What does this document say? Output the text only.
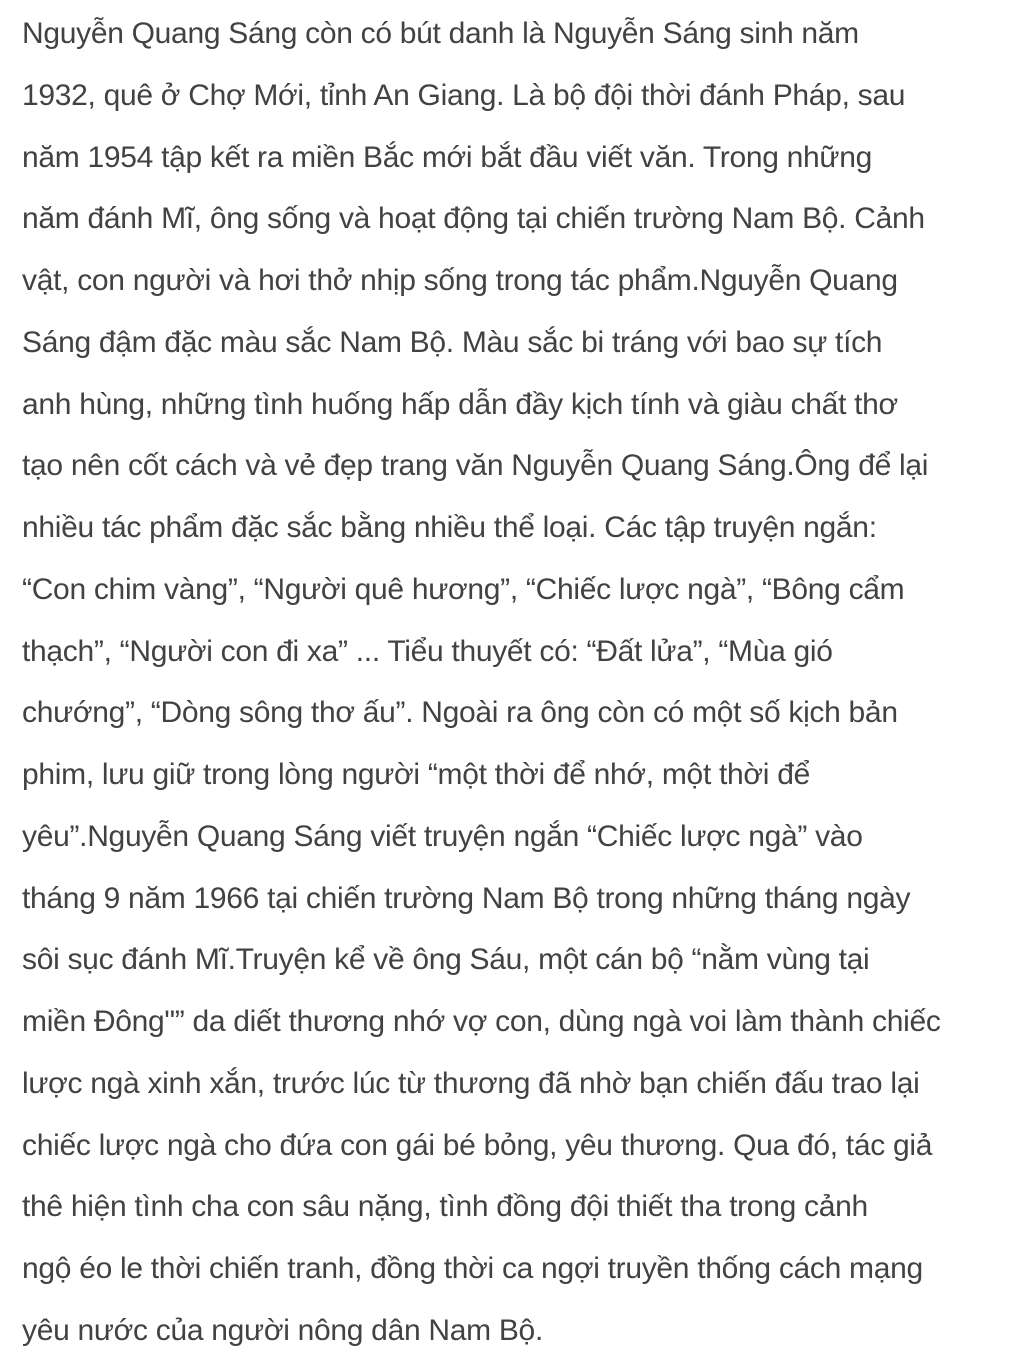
Nguyễn Quang Sáng còn có bút danh là Nguyễn Sáng sinh năm

1932, quê ở Chợ Mới, tỉnh An Giang. Là bộ đội thời đánh Pháp, sau

năm 1954 tập kết ra miền Bắc mới bắt đầu viết văn. Trong những

năm đánh Mĩ, ông sống và hoạt động tại chiến trường Nam Bộ. Cảnh

vật, con người và hơi thở nhịp sống trong tác phẩm.Nguyễn Quang

Sáng đậm đặc màu sắc Nam Bộ. Màu sắc bi tráng với bao sự tích

anh hùng, những tình huống hấp dẫn đầy kịch tính và giàu chất thơ

tạo nên cốt cách và vẻ đẹp trang văn Nguyễn Quang Sáng.Ông để lại

nhiều tác phẩm đặc sắc bằng nhiều thể loại. Các tập truyện ngắn:

“Con chim vàng”, “Người quê hương”, “Chiếc lược ngà”, “Bông cẩm

thạch”, “Người con đi xa” ... Tiểu thuyết có: “Đất lửa”, “Mùa gió

chướng”, “Dòng sông thơ ấu”. Ngoài ra ông còn có một số kịch bản

phim, lưu giữ trong lòng người “một thời để nhớ, một thời để

yêu”.Nguyễn Quang Sáng viết truyện ngắn “Chiếc lược ngà” vào

tháng 9 năm 1966 tại chiến trường Nam Bộ trong những tháng ngày

sôi sục đánh Mĩ.Truyện kể về ông Sáu, một cán bộ “nằm vùng tại

miền Đông"” da diết thương nhớ vợ con, dùng ngà voi làm thành chiếc

lược ngà xinh xắn, trước lúc từ thương đã nhờ bạn chiến đấu trao lại

chiếc lược ngà cho đứa con gái bé bỏng, yêu thương. Qua đó, tác giả

thê hiện tình cha con sâu nặng, tình đồng đội thiết tha trong cảnh

ngộ éo le thời chiến tranh, đồng thời ca ngợi truyền thống cách mạng

yêu nước của người nông dân Nam Bộ.
